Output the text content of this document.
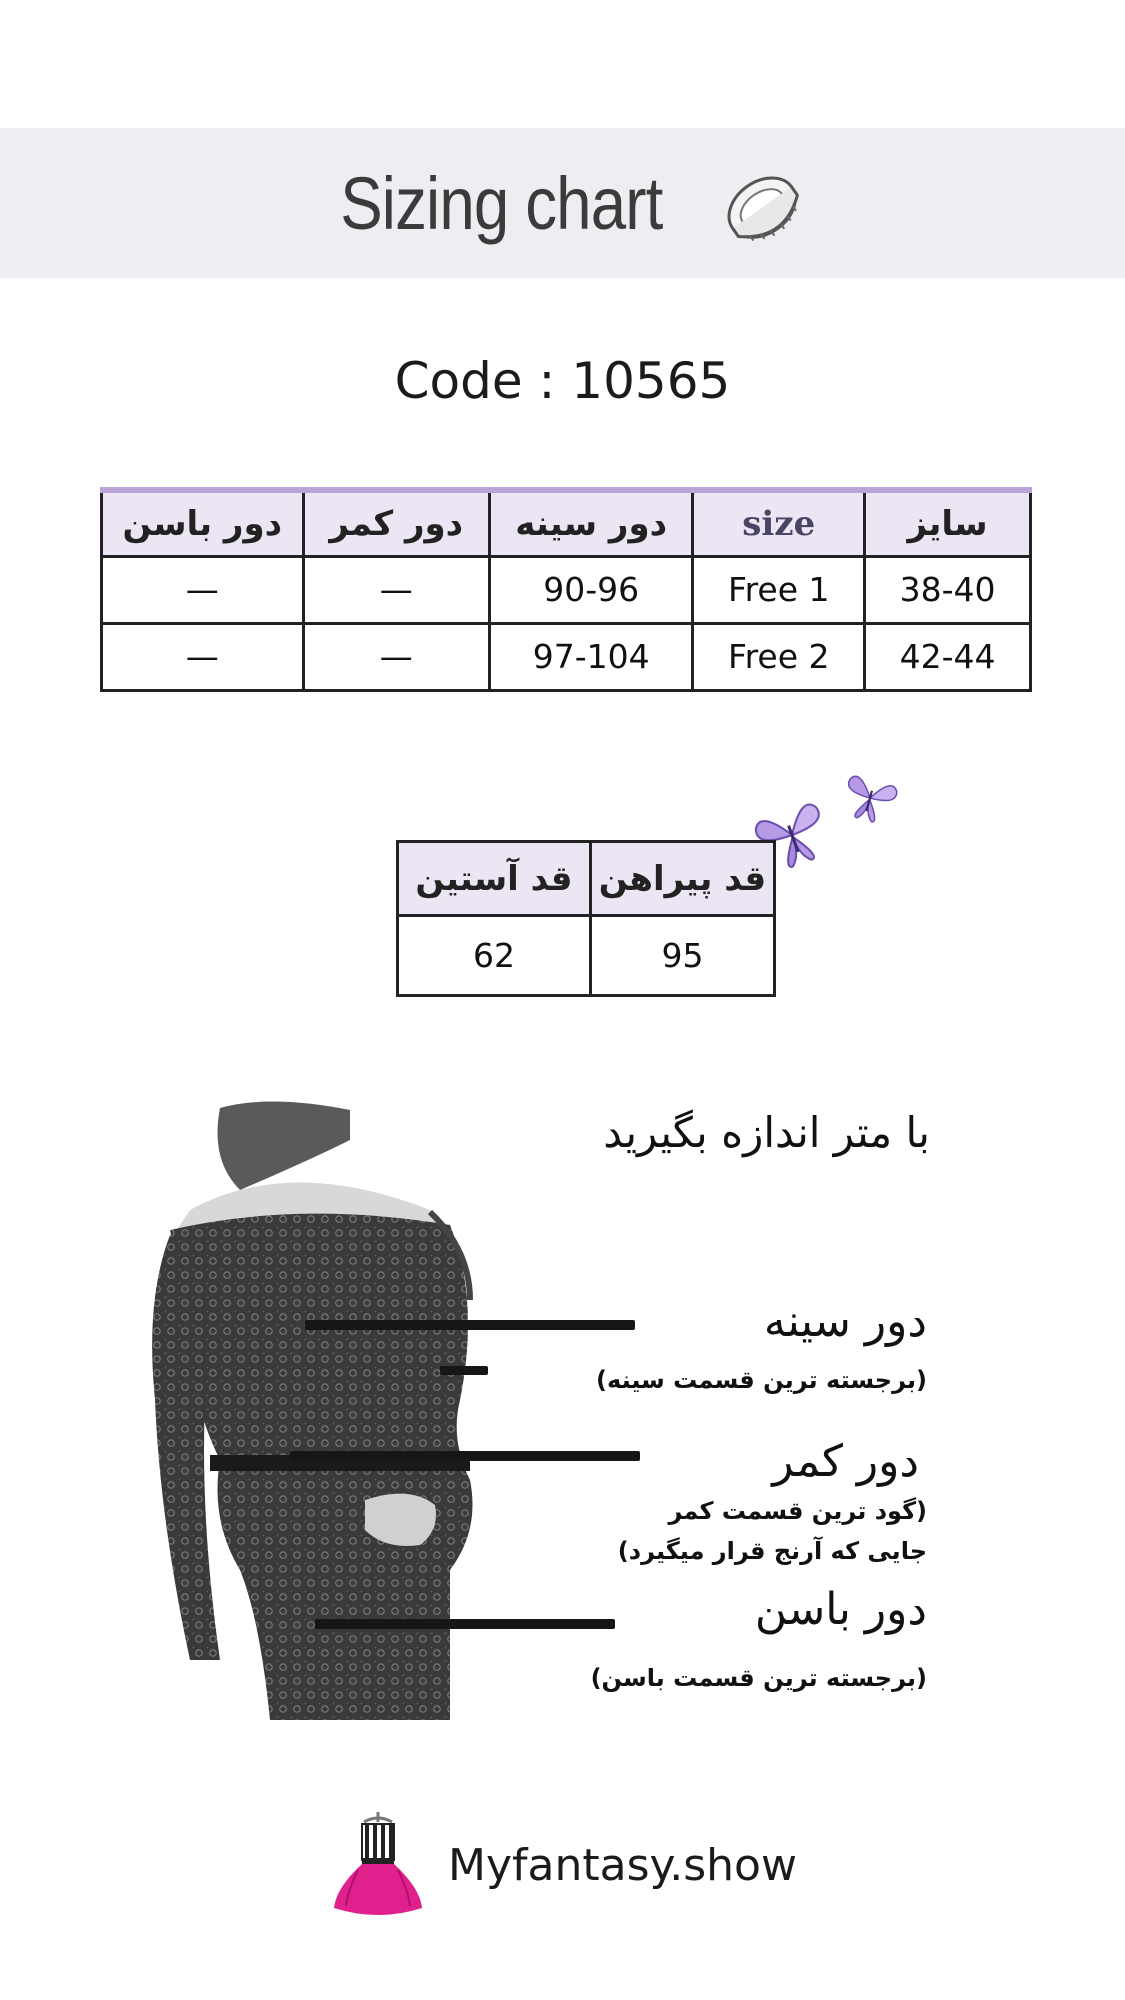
Sizing chart
Code : 10565
سایز	size	دور سینه	دور کمر	دور باسن
38-40	Free 1	90-96	—	—
42-44	Free 2	97-104	—	—
قد پیراهن	قد آستین
95	62
با متر اندازه بگیرید
دور سینه
(برجسته ترین قسمت سینه)
دور کمر
(گود ترین قسمت کمر
جایی که آرنج قرار میگیرد)
دور باسن
(برجسته ترین قسمت باسن)
Myfantasy.show
